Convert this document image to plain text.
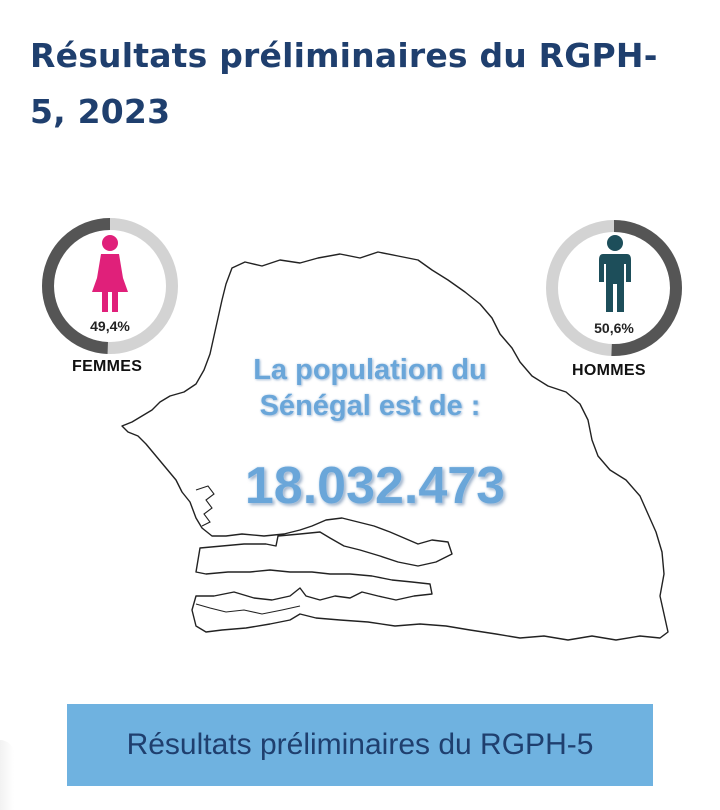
Résultats préliminaires du RGPH-5, 2023
49,4%
FEMMES
50,6%
HOMMES
La population du
Sénégal est de :
18.032.473
Résultats préliminaires du RGPH-5
